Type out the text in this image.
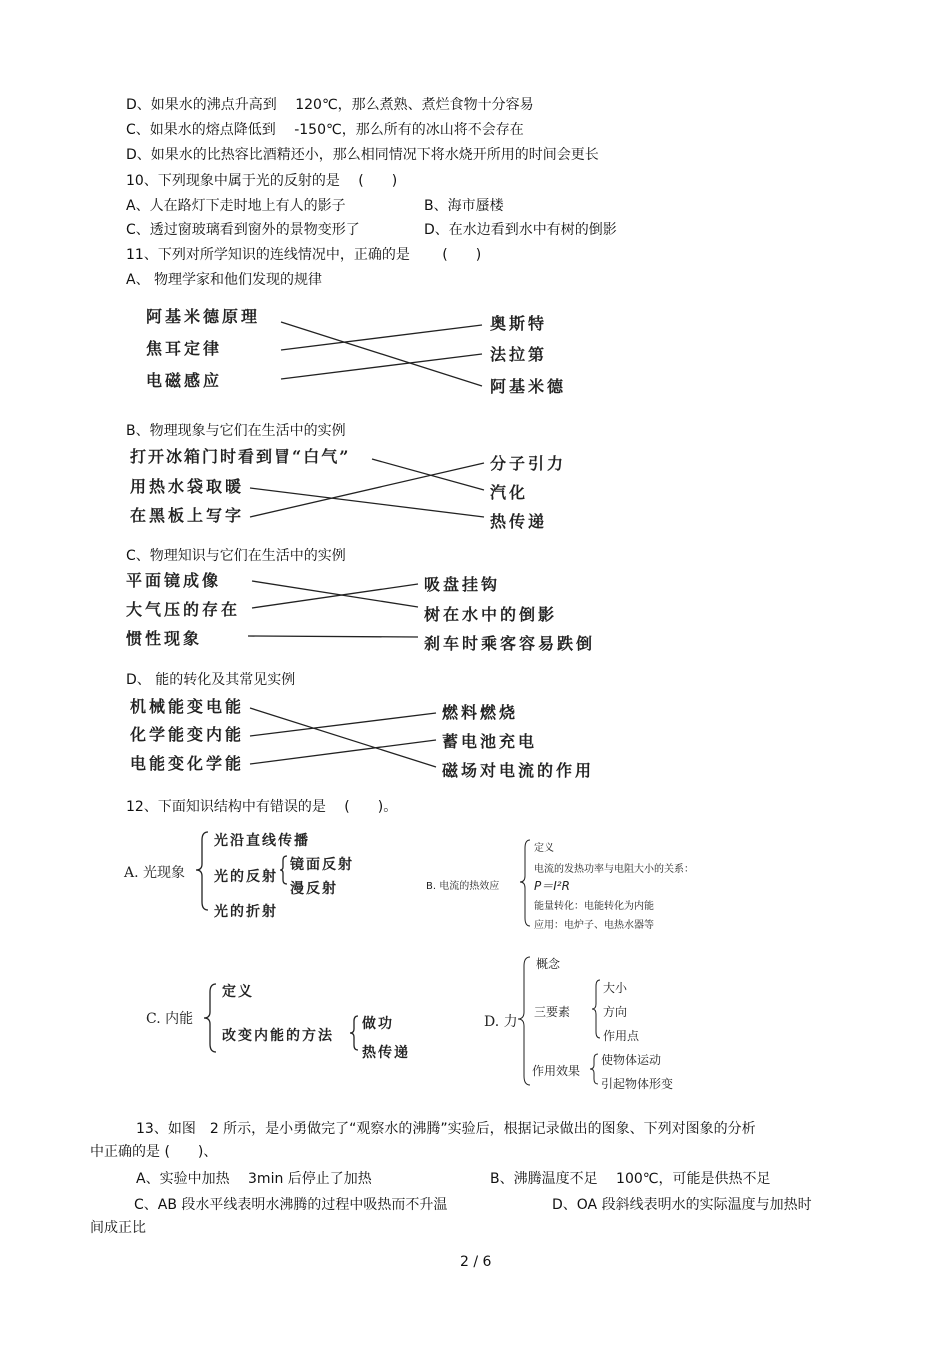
D、如果水的沸点升高到　 120℃，那么煮熟、煮烂食物十分容易
C、如果水的熔点降低到　 -150℃，那么所有的冰山将不会存在
D、如果水的比热容比酒精还小，那么相同情况下将水烧开所用的时间会更长
10、下列现象中属于光的反射的是　 (　　)
A、人在路灯下走时地上有人的影子	B、海市蜃楼
C、透过窗玻璃看到窗外的景物变形了	D、在水边看到水中有树的倒影
11、下列对所学知识的连线情况中，正确的是　　 (　　)
A、 物理学家和他们发现的规律
阿基米德原理
焦耳定律
电磁感应
奥斯特
法拉第
阿基米德
B、物理现象与它们在生活中的实例
打开冰箱门时看到冒“白气”
用热水袋取暖
在黑板上写字
分子引力
汽化
热传递
C、物理知识与它们在生活中的实例
平面镜成像
大气压的存在
惯性现象
吸盘挂钩
树在水中的倒影
刹车时乘客容易跌倒
D、 能的转化及其常见实例
机械能变电能
化学能变内能
电能变化学能
燃料燃烧
蓄电池充电
磁场对电流的作用
12、下面知识结构中有错误的是　 (　　)。
A. 光现象
光沿直线传播
光的反射
镜面反射
漫反射
光的折射
B. 电流的热效应
定义
电流的发热功率与电阻大小的关系：
P＝I²R
能量转化：电能转化为内能
应用：电炉子、电热水器等
C. 内能
定义
改变内能的方法
做功
热传递
D. 力
概念
三要素
大小
方向
作用点
作用效果
使物体运动
引起物体形变
13、如图　2 所示，是小勇做完了“观察水的沸腾”实验后，根据记录做出的图象、下列对图象的分析
中正确的是 (　　)、
A、实验中加热　 3min 后停止了加热	B、沸腾温度不足　 100℃，可能是供热不足
C、AB 段水平线表明水沸腾的过程中吸热而不升温	D、OA 段斜线表明水的实际温度与加热时
间成正比
2 / 6
